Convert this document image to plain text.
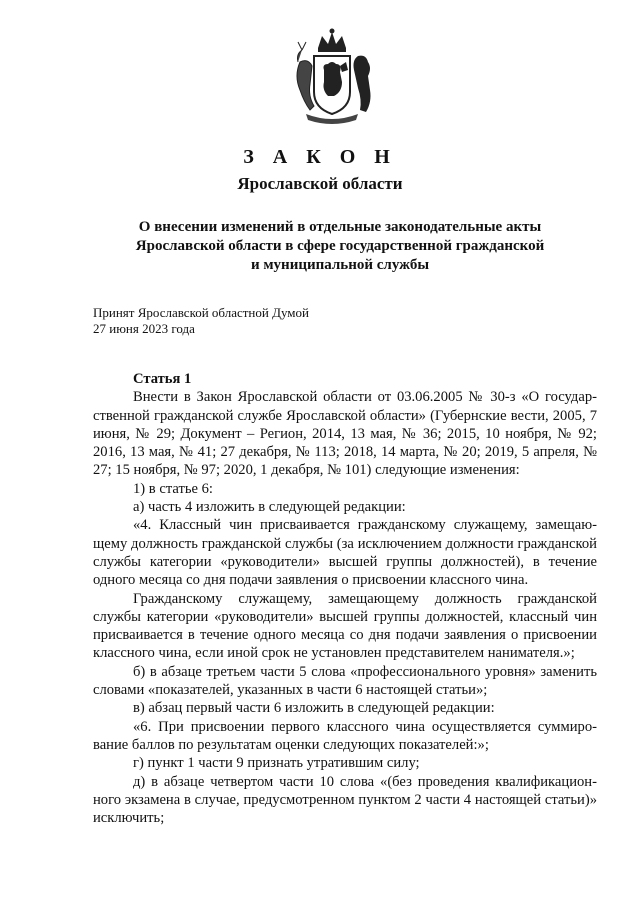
З А К О Н
Ярославской области
О внесении изменений в отдельные законодательные акты
Ярославской области в сфере государственной гражданской
и муниципальной службы
Принят Ярославской областной Думой
27 июня 2023 года
Статья 1

Внести в Закон Ярославской области от 03.06.2005 № 30-з «О государственной гражданской службе Ярославской области» (Губернские вести, 2005, 7 июня, № 29; Документ – Регион, 2014, 13 мая, № 36; 2015, 10 ноября, № 92; 2016, 13 мая, № 41; 27 декабря, № 113; 2018, 14 марта, № 20; 2019, 5 апреля, № 27; 15 ноября, № 97; 2020, 1 декабря, № 101) следующие изменения:

1) в статье 6:

а) часть 4 изложить в следующей редакции:

«4. Классный чин присваивается гражданскому служащему, замещающему должность гражданской службы (за исключением должности гражданской службы категории «руководители» высшей группы должностей), в течение одного месяца со дня подачи заявления о присвоении классного чина.

Гражданскому служащему, замещающему должность гражданской службы категории «руководители» высшей группы должностей, классный чин присваивается в течение одного месяца со дня подачи заявления о присвоении классного чина, если иной срок не установлен представителем нанимателя.»;

б) в абзаце третьем части 5 слова «профессионального уровня» заменить словами «показателей, указанных в части 6 настоящей статьи»;

в) абзац первый части 6 изложить в следующей редакции:

«6. При присвоении первого классного чина осуществляется суммирование баллов по результатам оценки следующих показателей:»;

г) пункт 1 части 9 признать утратившим силу;

д) в абзаце четвертом части 10 слова «(без проведения квалификационного экзамена в случае, предусмотренном пунктом 2 части 4 настоящей статьи)» исключить;
